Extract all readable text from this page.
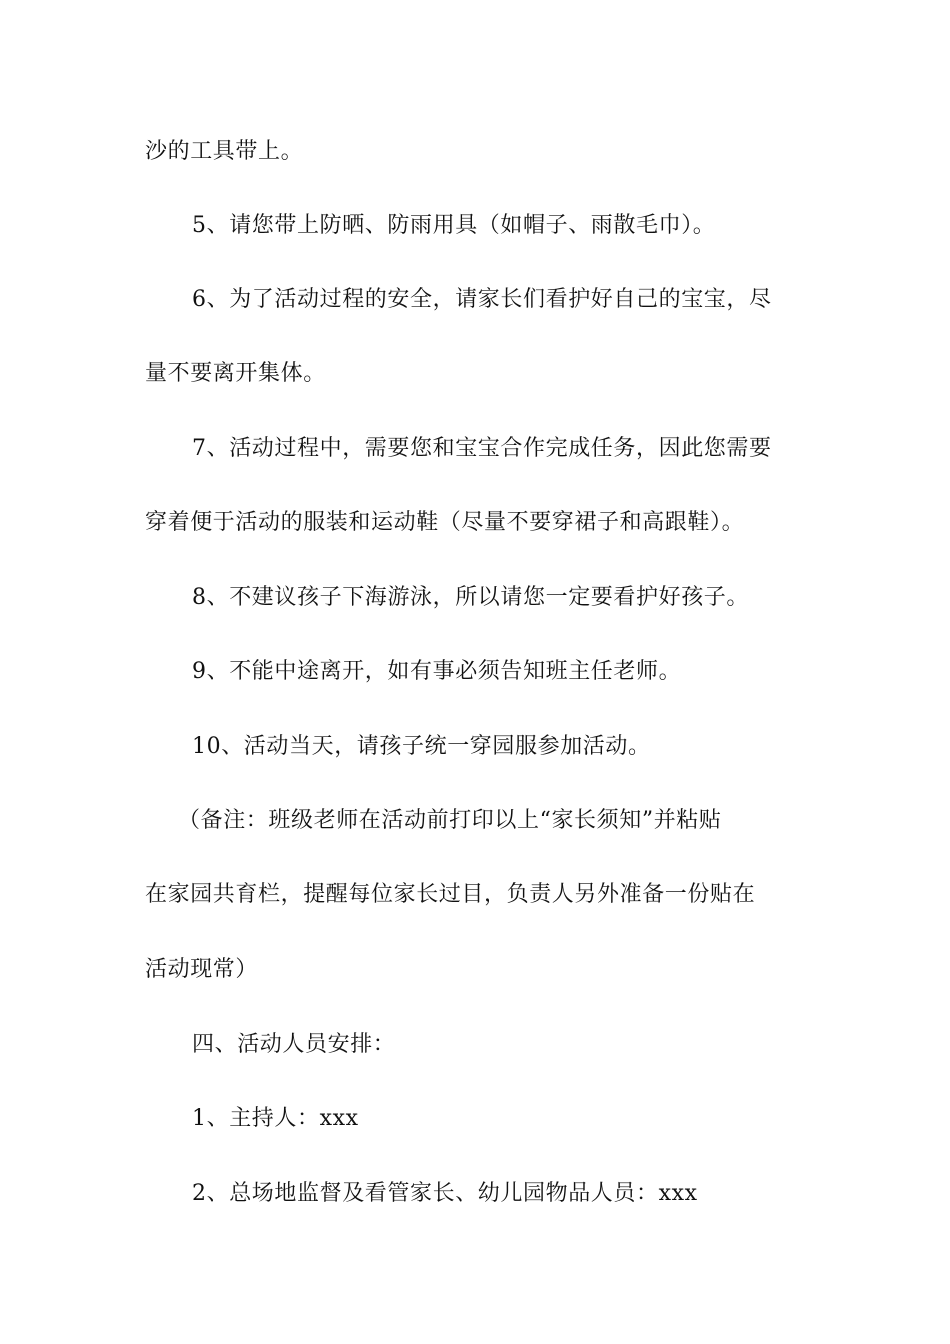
沙的工具带上。
5、请您带上防晒、防雨用具（如帽子、雨散毛巾）。
6、为了活动过程的安全，请家长们看护好自己的宝宝，尽
量不要离开集体。
7、活动过程中，需要您和宝宝合作完成任务，因此您需要
穿着便于活动的服装和运动鞋（尽量不要穿裙子和高跟鞋）。
8、不建议孩子下海游泳，所以请您一定要看护好孩子。
9、不能中途离开，如有事必须告知班主任老师。
10、活动当天，请孩子统一穿园服参加活动。
（备注：班级老师在活动前打印以上“家长须知”并粘贴
在家园共育栏，提醒每位家长过目，负责人另外准备一份贴在
活动现常）
四、活动人员安排：
1、主持人：xxx
2、总场地监督及看管家长、幼儿园物品人员：xxx
